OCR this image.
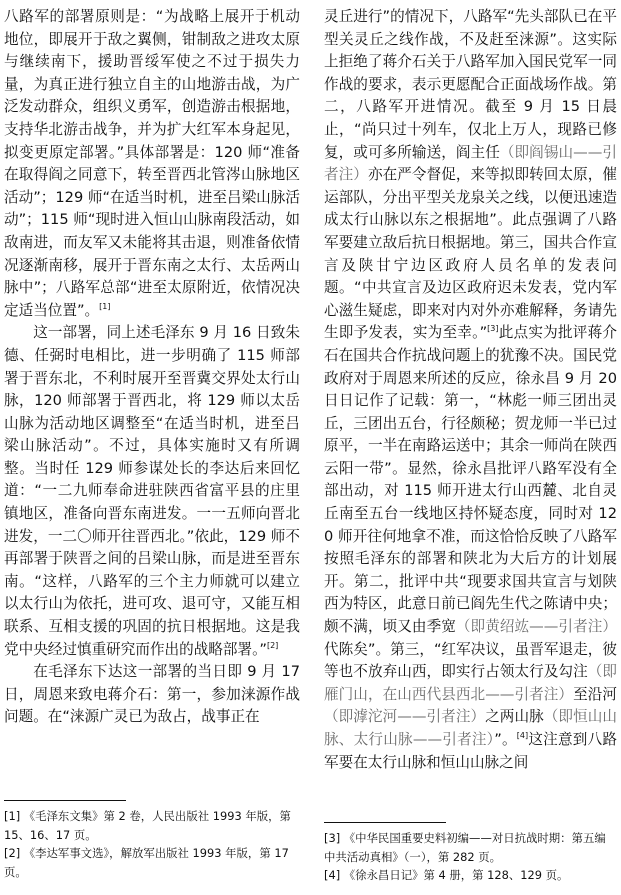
八路军的部署原则是：“为战略上展开于机动地位，即展开于敌之翼侧，钳制敌之进攻太原与继续南下，援助晋绥军使之不过于损失力量，为真正进行独立自主的山地游击战，为广泛发动群众，组织义勇军，创造游击根据地，支持华北游击战争，并为扩大红军本身起见，拟变更原定部署。”具体部署是：120 师“准备在取得阎之同意下，转至晋西北管涔山脉地区活动”；129 师“在适当时机，进至吕梁山脉活动”；115 师“现时进入恒山山脉南段活动，如敌南进，而友军又未能将其击退，则准备依情况逐渐南移，展开于晋东南之太行、太岳两山脉中”；八路军总部“进至太原附近，依情况决定适当位置”。[1]

这一部署，同上述毛泽东 9 月 16 日致朱德、任弼时电相比，进一步明确了 115 师部署于晋东北，不利时展开至晋冀交界处太行山脉，120 师部署于晋西北，将 129 师以太岳山脉为活动地区调整至“在适当时机，进至吕梁山脉活动”。不过，具体实施时又有所调整。当时任 129 师参谋处长的李达后来回忆道：“一二九师奉命进驻陕西省富平县的庄里镇地区，准备向晋东南进发。一一五师向晋北进发，一二〇师开往晋西北。”依此，129 师不再部署于陕晋之间的吕梁山脉，而是进至晋东南。“这样，八路军的三个主力师就可以建立以太行山为依托，进可攻、退可守，又能互相联系、互相支援的巩固的抗日根据地。这是我党中央经过慎重研究而作出的战略部署。”[2]

在毛泽东下达这一部署的当日即 9 月 17 日，周恩来致电蒋介石：第一，参加涞源作战问题。在“涞源广灵已为敌占，战事正在

灵丘进行”的情况下，八路军“先头部队已在平型关灵丘之线作战，不及赶至涞源”。这实际上拒绝了蒋介石关于八路军加入国民党军一同作战的要求，表示更愿配合正面战场作战。第二，八路军开进情况。截至 9 月 15 日晨止，“尚只过十列车，仅北上万人，现路已修复，或可多所输送，阎主任（即阎锡山——引者注）亦在严令督促，来等拟即转回太原，催运部队，分出平型关龙泉关之线，以便迅速造成太行山脉以东之根据地”。此点强调了八路军要建立敌后抗日根据地。第三，国共合作宣言及陕甘宁边区政府人员名单的发表问题。“中共宣言及边区政府迟未发表，党内军心滋生疑虑，即来对内对外亦难解释，务请先生即予发表，实为至幸。”[3]此点实为批评蒋介石在国共合作抗战问题上的犹豫不决。国民党政府对于周恩来所述的反应，徐永昌 9 月 20 日日记作了记载：第一，“林彪一师三团出灵丘，三团出五台，行径颇秘；贺龙师一半已过原平，一半在南路运送中；其余一师尚在陕西云阳一带”。显然，徐永昌批评八路军没有全部出动，对 115 师开进太行山西麓、北自灵丘南至五台一线地区持怀疑态度，同时对 120 师开往何地拿不准，而这恰恰反映了八路军按照毛泽东的部署和陕北为大后方的计划展开。第二，批评中共“现要求国共宣言与划陕西为特区，此意日前已阎先生代之陈请中央；颇不满，顷又由季宽（即黄绍竑——引者注）代陈矣”。第三，“红军决议，虽晋军退走，彼等也不放弃山西，即实行占领太行及勾注（即雁门山，在山西代县西北——引者注）至沿河（即滹沱河——引者注）之两山脉（即恒山山脉、太行山脉——引者注）”。[4]这注意到八路军要在太行山脉和恒山山脉之间

[1] 《毛泽东文集》第 2 卷，人民出版社 1993 年版，第 15、16、17 页。

[2] 《李达军事文选》，解放军出版社 1993 年版，第 17 页。

[3] 《中华民国重要史料初编——对日抗战时期：第五编中共活动真相》（一），第 282 页。

[4] 《徐永昌日记》第 4 册，第 128、129 页。
